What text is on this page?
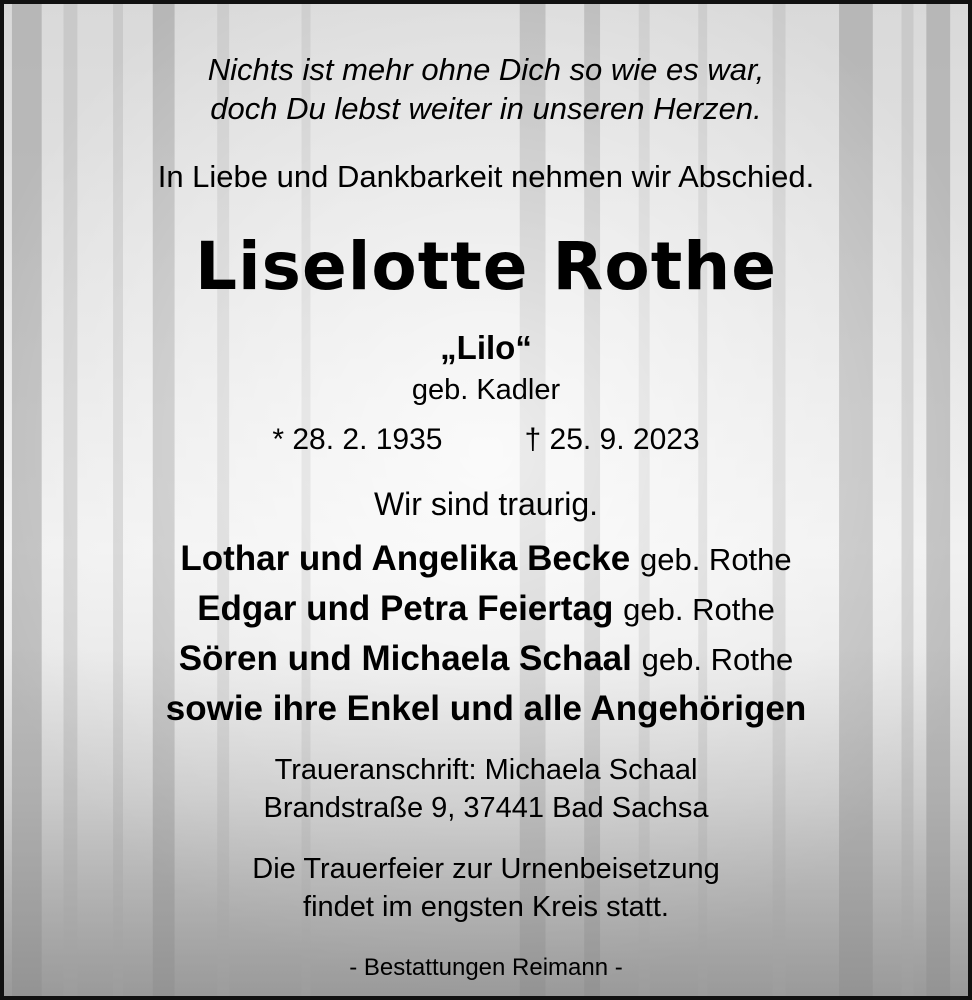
Nichts ist mehr ohne Dich so wie es war,
doch Du lebst weiter in unseren Herzen.
In Liebe und Dankbarkeit nehmen wir Abschied.
Liselotte Rothe
„Lilo“
geb. Kadler
* 28. 2. 1935	† 25. 9. 2023
Wir sind traurig.
Lothar und Angelika Becke geb. Rothe
Edgar und Petra Feiertag geb. Rothe
Sören und Michaela Schaal geb. Rothe
sowie ihre Enkel und alle Angehörigen
Traueranschrift: Michaela Schaal
Brandstraße 9, 37441 Bad Sachsa
Die Trauerfeier zur Urnenbeisetzung
findet im engsten Kreis statt.
- Bestattungen Reimann -
